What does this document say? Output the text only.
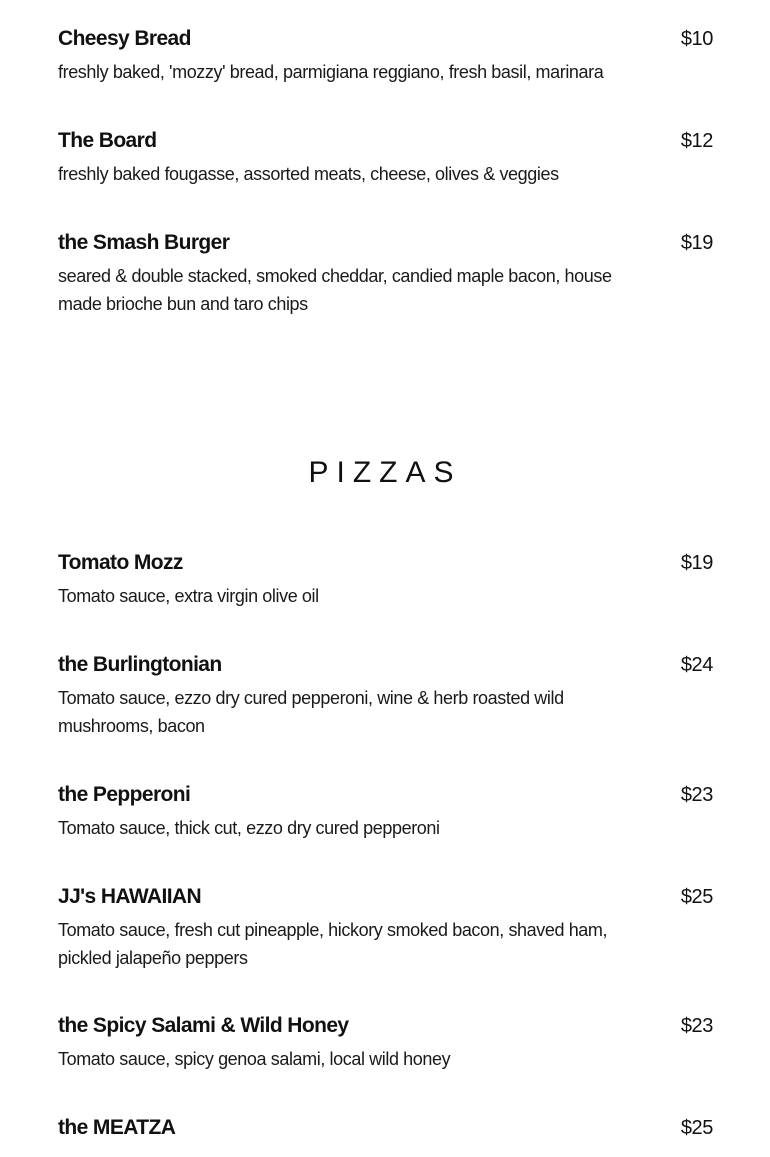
Cheesy Bread	$10

freshly baked, 'mozzy' bread, parmigiana reggiano, fresh basil, marinara

The Board	$12

freshly baked fougasse, assorted meats, cheese, olives & veggies

the Smash Burger	$19

seared & double stacked, smoked cheddar, candied maple bacon, house made brioche bun and taro chips

PIZZAS

Tomato Mozz	$19

Tomato sauce, extra virgin olive oil

the Burlingtonian	$24

Tomato sauce, ezzo dry cured pepperoni, wine & herb roasted wild mushrooms, bacon

the Pepperoni	$23

Tomato sauce, thick cut, ezzo dry cured pepperoni

JJ's HAWAIIAN	$25

Tomato sauce, fresh cut pineapple, hickory smoked bacon, shaved ham, pickled jalapeño peppers

the Spicy Salami & Wild Honey	$23

Tomato sauce, spicy genoa salami, local wild honey

the MEATZA	$25
